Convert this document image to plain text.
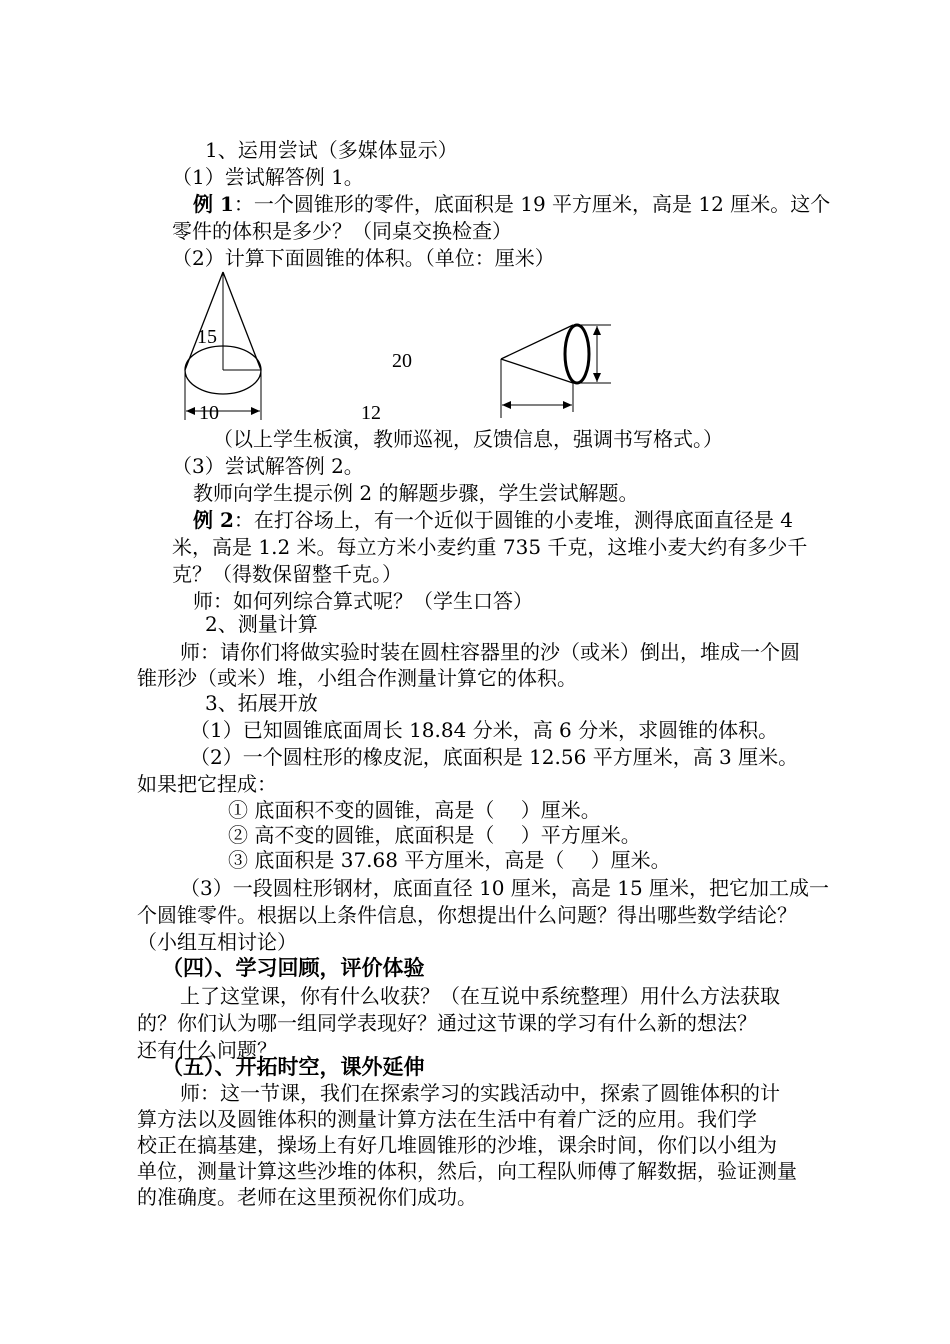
1、运用尝试（多媒体显示）
（1）尝试解答例 1。
例 1：一个圆锥形的零件，底面积是 19 平方厘米，高是 12 厘米。这个
零件的体积是多少？（同桌交换检查）
（2）计算下面圆锥的体积。（单位：厘米）
15
10
20
12
（以上学生板演，教师巡视，反馈信息，强调书写格式。）
（3）尝试解答例 2。
教师向学生提示例 2 的解题步骤，学生尝试解题。
例 2：在打谷场上，有一个近似于圆锥的小麦堆，测得底面直径是 4
米，高是 1.2 米。每立方米小麦约重 735 千克，这堆小麦大约有多少千
克？（得数保留整千克。）
师：如何列综合算式呢？（学生口答）
2、测量计算
师：请你们将做实验时装在圆柱容器里的沙（或米）倒出，堆成一个圆
锥形沙（或米）堆，小组合作测量计算它的体积。
3、拓展开放
（1）已知圆锥底面周长 18.84 分米，高 6 分米，求圆锥的体积。
（2）一个圆柱形的橡皮泥，底面积是 12.56 平方厘米，高 3 厘米。
如果把它捏成：
① 底面积不变的圆锥，高是（　 ）厘米。
② 高不变的圆锥，底面积是（　 ）平方厘米。
③ 底面积是 37.68 平方厘米，高是（　 ）厘米。
（3）一段圆柱形钢材，底面直径 10 厘米，高是 15 厘米，把它加工成一
个圆锥零件。根据以上条件信息，你想提出什么问题？得出哪些数学结论？
（小组互相讨论）
（四）、学习回顾，评价体验
上了这堂课，你有什么收获？（在互说中系统整理）用什么方法获取
的？你们认为哪一组同学表现好？通过这节课的学习有什么新的想法？
还有什么问题？
（五）、开拓时空，课外延伸
师：这一节课，我们在探索学习的实践活动中，探索了圆锥体积的计
算方法以及圆锥体积的测量计算方法在生活中有着广泛的应用。我们学
校正在搞基建，操场上有好几堆圆锥形的沙堆，课余时间，你们以小组为
单位，测量计算这些沙堆的体积，然后，向工程队师傅了解数据，验证测量
的准确度。老师在这里预祝你们成功。
